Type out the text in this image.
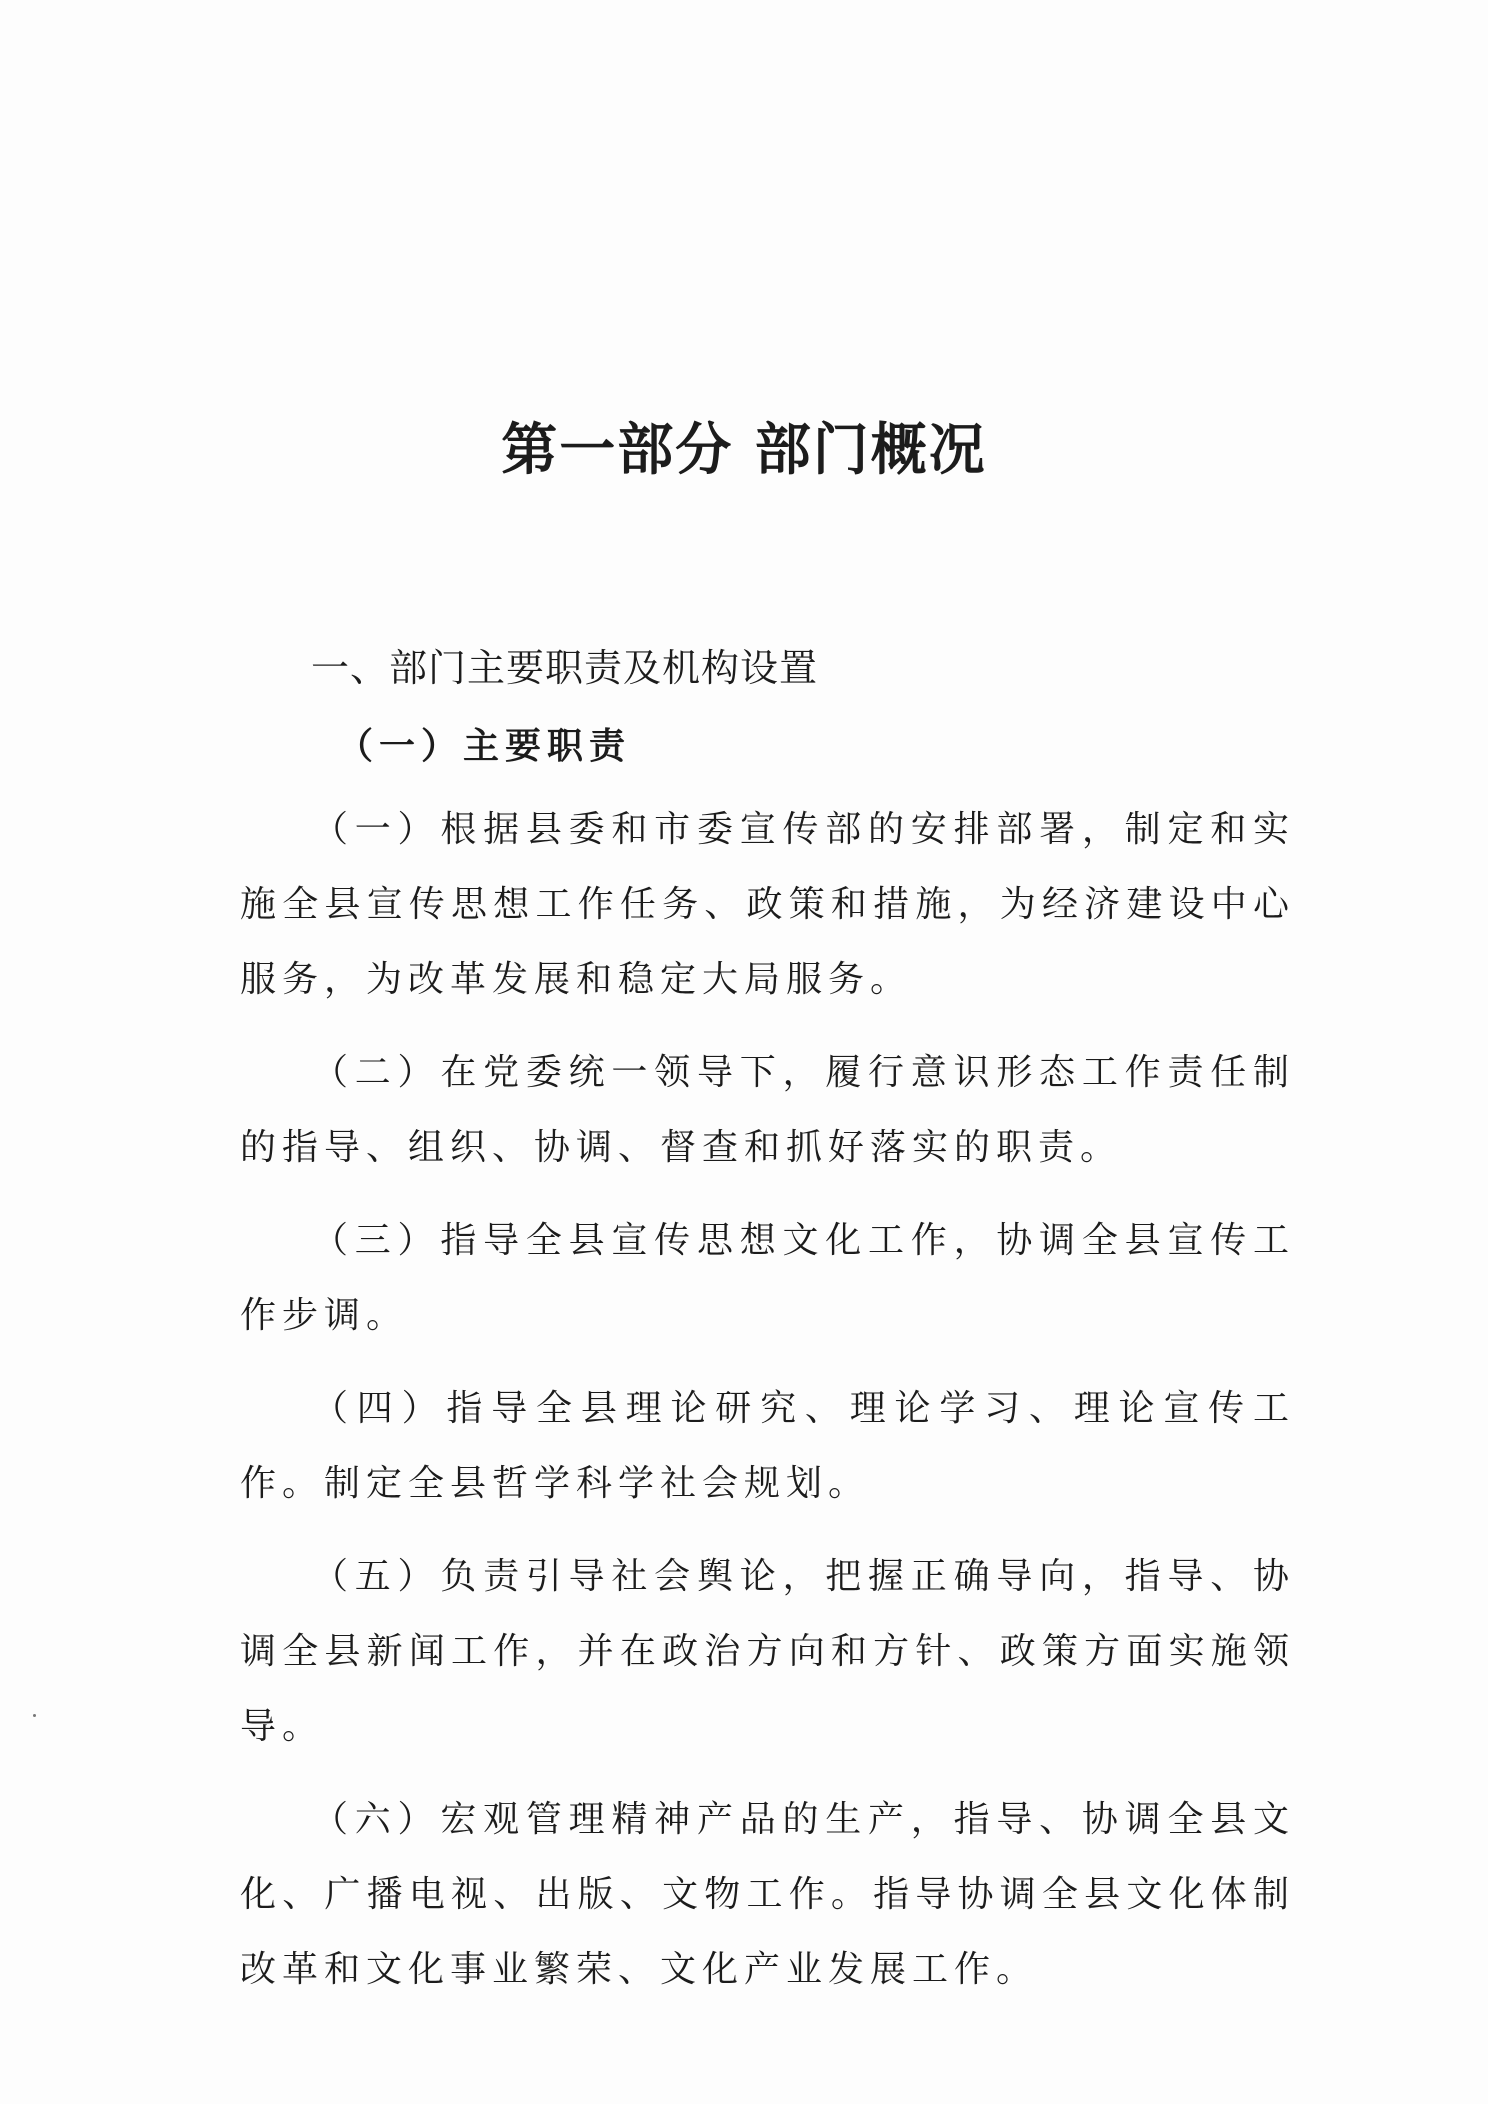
第一部分 部门概况
一、部门主要职责及机构设置
（一）主要职责

（一）根据县委和市委宣传部的安排部署，制定和实施全县宣传思想工作任务、政策和措施，为经济建设中心服务，为改革发展和稳定大局服务。

（二）在党委统一领导下，履行意识形态工作责任制的指导、组织、协调、督查和抓好落实的职责。

（三）指导全县宣传思想文化工作，协调全县宣传工作步调。

（四）指导全县理论研究、理论学习、理论宣传工作。制定全县哲学科学社会规划。

（五）负责引导社会舆论，把握正确导向，指导、协调全县新闻工作，并在政治方向和方针、政策方面实施领导。

（六）宏观管理精神产品的生产，指导、协调全县文化、广播电视、出版、文物工作。指导协调全县文化体制改革和文化事业繁荣、文化产业发展工作。
